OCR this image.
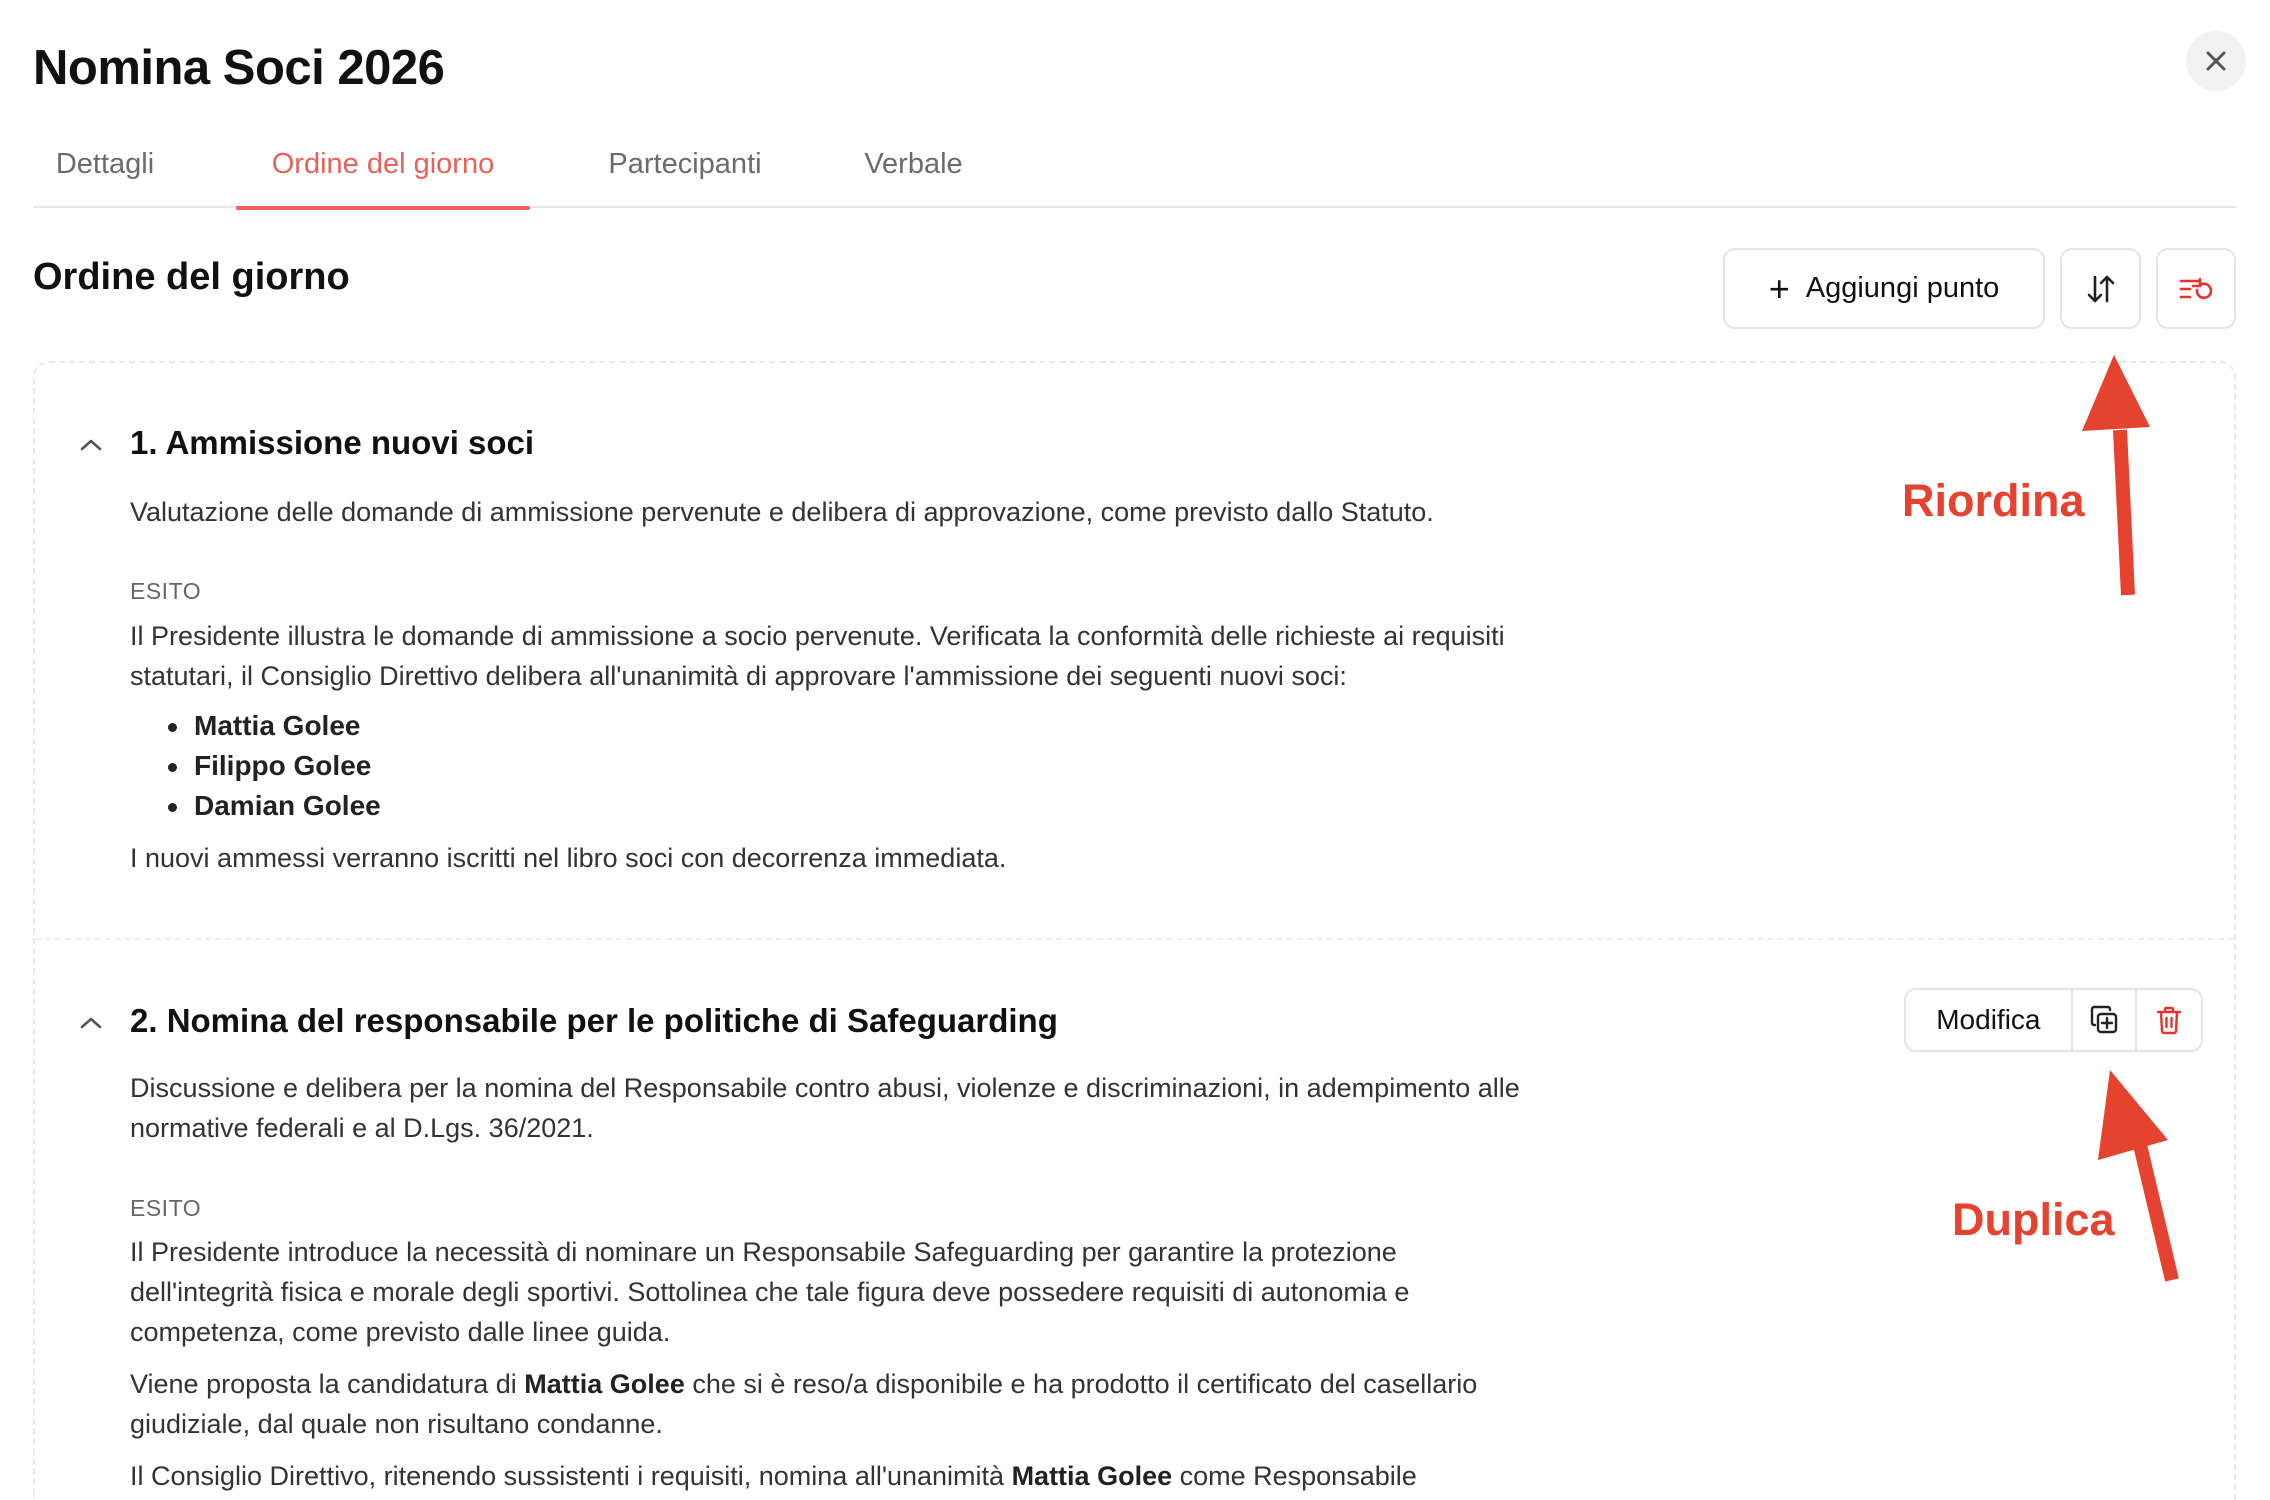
Nomina Soci 2026
Dettagli	Ordine del giorno	Partecipanti	Verbale
Ordine del giorno	+ Aggiungi punto
1. Ammissione nuovi soci
Valutazione delle domande di ammissione pervenute e delibera di approvazione, come previsto dallo Statuto.
ESITO
Il Presidente illustra le domande di ammissione a socio pervenute. Verificata la conformità delle richieste ai requisiti
statutari, il Consiglio Direttivo delibera all'unanimità di approvare l'ammissione dei seguenti nuovi soci:
Mattia Golee
Filippo Golee
Damian Golee
I nuovi ammessi verranno iscritti nel libro soci con decorrenza immediata.
2. Nomina del responsabile per le politiche di Safeguarding
Discussione e delibera per la nomina del Responsabile contro abusi, violenze e discriminazioni, in adempimento alle
normative federali e al D.Lgs. 36/2021.
ESITO
Il Presidente introduce la necessità di nominare un Responsabile Safeguarding per garantire la protezione
dell'integrità fisica e morale degli sportivi. Sottolinea che tale figura deve possedere requisiti di autonomia e
competenza, come previsto dalle linee guida.
Viene proposta la candidatura di Mattia Golee che si è reso/a disponibile e ha prodotto il certificato del casellario
giudiziale, dal quale non risultano condanne.
Il Consiglio Direttivo, ritenendo sussistenti i requisiti, nomina all'unanimità Mattia Golee come Responsabile
Modifica
Riordina
Duplica
